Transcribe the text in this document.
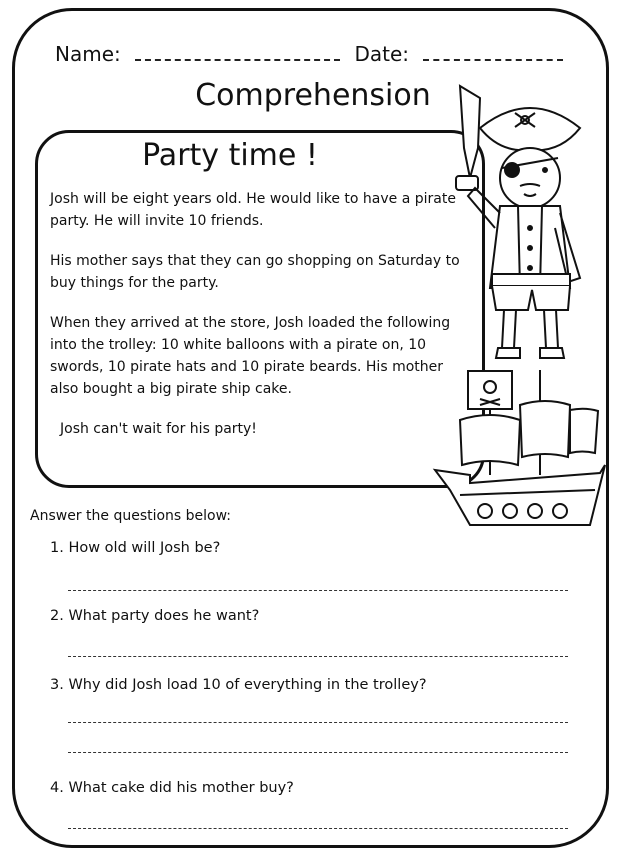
Name:	Date:
Comprehension
Party time !

Josh will be eight years old. He would like to have a pirate party. He will invite 10 friends.

His mother says that they can go shopping on Saturday to buy things for the party.

When they arrived at the store, Josh loaded the following into the trolley: 10 white balloons with a pirate on, 10 swords, 10 pirate hats and 10 pirate beards. His mother also bought a big pirate ship cake.

Josh can't wait for his party!

Answer the questions below:
1. How old will Josh be?
2. What party does he want?
3. Why did Josh load 10 of everything in the trolley?
4. What cake did his mother buy?
